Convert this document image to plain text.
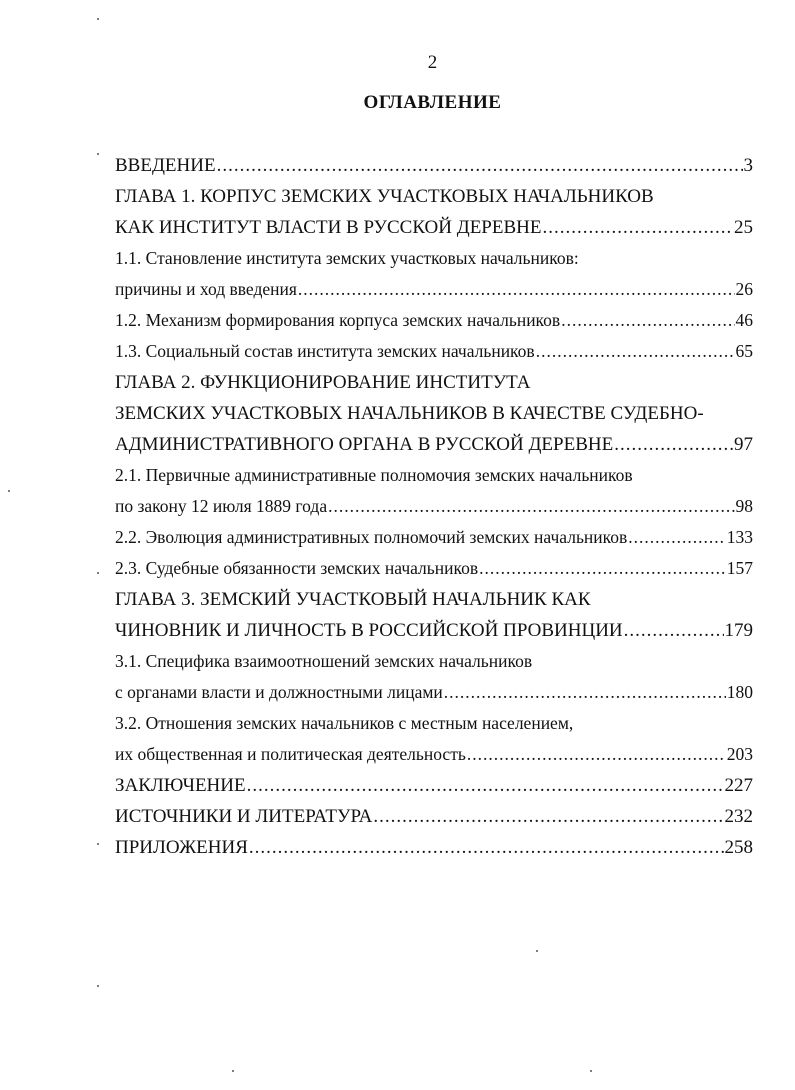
2
ОГЛАВЛЕНИЕ
ВВЕДЕНИЕ .....	3
ГЛАВА 1. КОРПУС ЗЕМСКИХ УЧАСТКОВЫХ НАЧАЛЬНИКОВ
КАК ИНСТИТУТ ВЛАСТИ В РУССКОЙ ДЕРЕВНЕ .....	25
1.1. Становление института земских участковых начальников:
причины и ход введения .....	26
1.2. Механизм формирования корпуса земских начальников .....	46
1.3. Социальный состав института земских начальников .....	65
ГЛАВА 2. ФУНКЦИОНИРОВАНИЕ ИНСТИТУТА
ЗЕМСКИХ УЧАСТКОВЫХ НАЧАЛЬНИКОВ В КАЧЕСТВЕ СУДЕБНО-
АДМИНИСТРАТИВНОГО ОРГАНА В РУССКОЙ ДЕРЕВНЕ .....	97
2.1. Первичные административные полномочия земских начальников
по закону 12 июля 1889 года .....	98
2.2. Эволюция административных полномочий земских начальников .....	133
2.3. Судебные обязанности земских начальников .....	157
ГЛАВА 3. ЗЕМСКИЙ УЧАСТКОВЫЙ НАЧАЛЬНИК КАК
ЧИНОВНИК И ЛИЧНОСТЬ В РОССИЙСКОЙ ПРОВИНЦИИ .....	179
3.1. Специфика взаимоотношений земских начальников
с органами власти и должностными лицами .....	180
3.2. Отношения земских начальников с местным населением,
их общественная и политическая деятельность .....	203
ЗАКЛЮЧЕНИЕ .....	227
ИСТОЧНИКИ И ЛИТЕРАТУРА .....	232
ПРИЛОЖЕНИЯ .....	258
